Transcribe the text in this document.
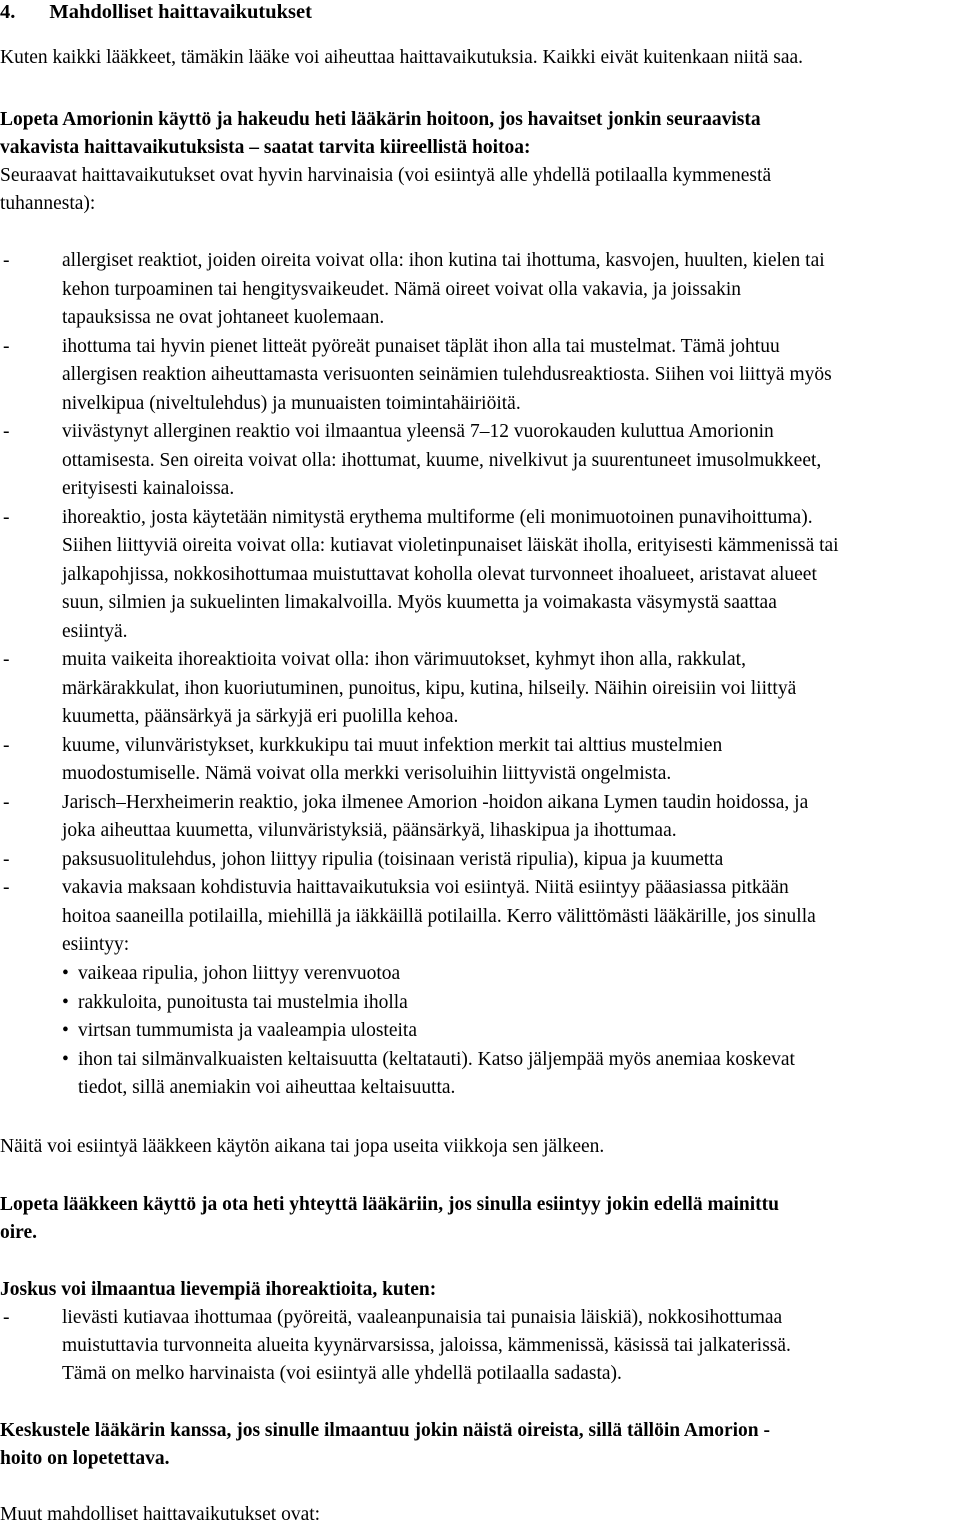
4. Mahdolliset haittavaikutukset
Kuten kaikki lääkkeet, tämäkin lääke voi aiheuttaa haittavaikutuksia. Kaikki eivät kuitenkaan niitä saa.
Lopeta Amorionin käyttö ja hakeudu heti lääkärin hoitoon, jos havaitset jonkin seuraavista
vakavista haittavaikutuksista – saatat tarvita kiireellistä hoitoa:
Seuraavat haittavaikutukset ovat hyvin harvinaisia (voi esiintyä alle yhdellä potilaalla kymmenestä
tuhannesta):
-	allergiset reaktiot, joiden oireita voivat olla: ihon kutina tai ihottuma, kasvojen, huulten, kielen tai
kehon turpoaminen tai hengitysvaikeudet. Nämä oireet voivat olla vakavia, ja joissakin
tapauksissa ne ovat johtaneet kuolemaan.
-	ihottuma tai hyvin pienet litteät pyöreät punaiset täplät ihon alla tai mustelmat. Tämä johtuu
allergisen reaktion aiheuttamasta verisuonten seinämien tulehdusreaktiosta. Siihen voi liittyä myös
nivelkipua (niveltulehdus) ja munuaisten toimintahäiriöitä.
-	viivästynyt allerginen reaktio voi ilmaantua yleensä 7–12 vuorokauden kuluttua Amorionin
ottamisesta. Sen oireita voivat olla: ihottumat, kuume, nivelkivut ja suurentuneet imusolmukkeet,
erityisesti kainaloissa.
-	ihoreaktio, josta käytetään nimitystä erythema multiforme (eli monimuotoinen punavihoittuma).
Siihen liittyviä oireita voivat olla: kutiavat violetinpunaiset läiskät iholla, erityisesti kämmenissä tai
jalkapohjissa, nokkosihottumaa muistuttavat koholla olevat turvonneet ihoalueet, aristavat alueet
suun, silmien ja sukuelinten limakalvoilla. Myös kuumetta ja voimakasta väsymystä saattaa
esiintyä.
-	muita vaikeita ihoreaktioita voivat olla: ihon värimuutokset, kyhmyt ihon alla, rakkulat,
märkärakkulat, ihon kuoriutuminen, punoitus, kipu, kutina, hilseily. Näihin oireisiin voi liittyä
kuumetta, päänsärkyä ja särkyjä eri puolilla kehoa.
-	kuume, vilunväristykset, kurkkukipu tai muut infektion merkit tai alttius mustelmien
muodostumiselle. Nämä voivat olla merkki verisoluihin liittyvistä ongelmista.
-	Jarisch–Herxheimerin reaktio, joka ilmenee Amorion -hoidon aikana Lymen taudin hoidossa, ja
joka aiheuttaa kuumetta, vilunväristyksiä, päänsärkyä, lihaskipua ja ihottumaa.
-	paksusuolitulehdus, johon liittyy ripulia (toisinaan veristä ripulia), kipua ja kuumetta
-	vakavia maksaan kohdistuvia haittavaikutuksia voi esiintyä. Niitä esiintyy pääasiassa pitkään
hoitoa saaneilla potilailla, miehillä ja iäkkäillä potilailla. Kerro välittömästi lääkärille, jos sinulla
esiintyy:
• vaikeaa ripulia, johon liittyy verenvuotoa
• rakkuloita, punoitusta tai mustelmia iholla
• virtsan tummumista ja vaaleampia ulosteita
• ihon tai silmänvalkuaisten keltaisuutta (keltatauti). Katso jäljempää myös anemiaa koskevat
tiedot, sillä anemiakin voi aiheuttaa keltaisuutta.
Näitä voi esiintyä lääkkeen käytön aikana tai jopa useita viikkoja sen jälkeen.
Lopeta lääkkeen käyttö ja ota heti yhteyttä lääkäriin, jos sinulla esiintyy jokin edellä mainittu
oire.
Joskus voi ilmaantua lievempiä ihoreaktioita, kuten:
-	lievästi kutiavaa ihottumaa (pyöreitä, vaaleanpunaisia tai punaisia läiskiä), nokkosihottumaa
muistuttavia turvonneita alueita kyynärvarsissa, jaloissa, kämmenissä, käsissä tai jalkaterissä.
Tämä on melko harvinaista (voi esiintyä alle yhdellä potilaalla sadasta).
Keskustele lääkärin kanssa, jos sinulle ilmaantuu jokin näistä oireista, sillä tällöin Amorion -
hoito on lopetettava.
Muut mahdolliset haittavaikutukset ovat:
